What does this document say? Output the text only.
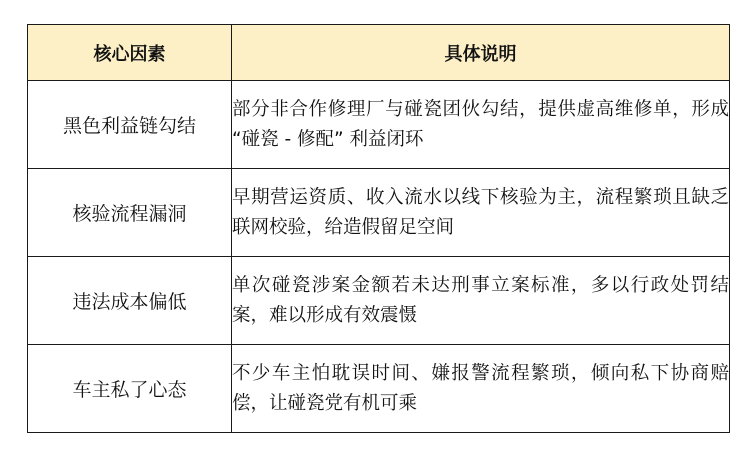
核心因素	具体说明
黑色利益链勾结	部分非合作修理厂与碰瓷团伙勾结，提供虚高维修单，形成 “碰瓷 - 修配” 利益闭环
核验流程漏洞	早期营运资质、收入流水以线下核验为主，流程繁琐且缺乏联网校验，给造假留足空间
违法成本偏低	单次碰瓷涉案金额若未达刑事立案标准，多以行政处罚结案，难以形成有效震慑
车主私了心态	不少车主怕耽误时间、嫌报警流程繁琐，倾向私下协商赔偿，让碰瓷党有机可乘
